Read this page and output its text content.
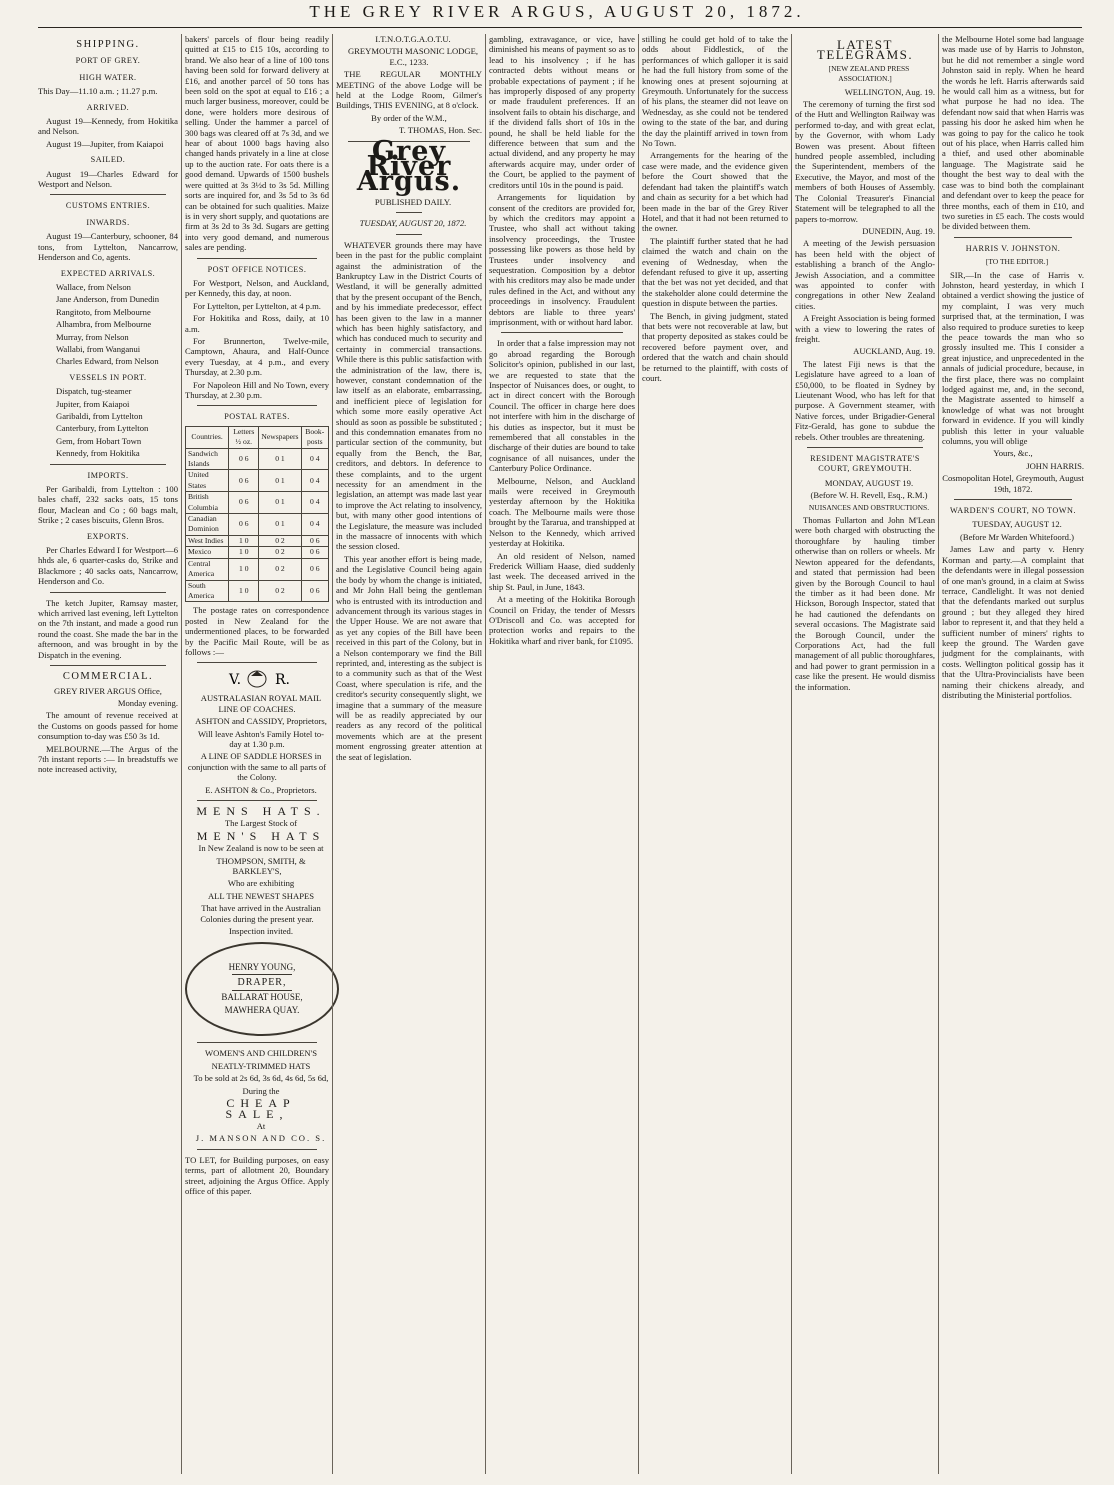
THE GREY RIVER ARGUS, AUGUST 20, 1872.
SHIPPING.
PORT OF GREY.
HIGH WATER.

This Day—11.10 a.m. ; 11.27 p.m.

ARRIVED.

August 19—Kennedy, from Hokitika and Nelson.

August 19—Jupiter, from Kaiapoi

SAILED.

August 19—Charles Edward for Westport and Nelson.

CUSTOMS ENTRIES.
INWARDS.

August 19—Canterbury, schooner, 84 tons, from Lyttelton, Nancarrow, Henderson and Co, agents.

EXPECTED ARRIVALS.

Wallace, from Nelson

Jane Anderson, from Dunedin

Rangitoto, from Melbourne

Alhambra, from Melbourne

Murray, from Nelson

Wallabi, from Wanganui

Charles Edward, from Nelson

VESSELS IN PORT.

Dispatch, tug-steamer

Jupiter, from Kaiapoi

Garibaldi, from Lyttelton

Canterbury, from Lyttelton

Gem, from Hobart Town

Kennedy, from Hokitika

IMPORTS.

Per Garibaldi, from Lyttelton : 100 bales chaff, 232 sacks oats, 15 tons flour, Maclean and Co ; 60 bags malt, Strike ; 2 cases biscuits, Glenn Bros.

EXPORTS.

Per Charles Edward I for Westport—6 hhds ale, 6 quarter-casks do, Strike and Blackmore ; 40 sacks oats, Nancarrow, Henderson and Co.

The ketch Jupiter, Ramsay master, which arrived last evening, left Lyttelton on the 7th instant, and made a good run round the coast. She made the bar in the afternoon, and was brought in by the Dispatch in the evening.

COMMERCIAL.

GREY RIVER ARGUS Office,

Monday evening.

The amount of revenue received at the Customs on goods passed for home consumption to-day was £50 3s 1d.

MELBOURNE.—The Argus of the 7th instant reports :— In breadstuffs we note increased activity,

bakers' parcels of flour being readily quitted at £15 to £15 10s, according to brand. We also hear of a line of 100 tons having been sold for forward delivery at £16, and another parcel of 50 tons has been sold on the spot at equal to £16 ; a much larger business, moreover, could be done, were holders more desirous of selling. Under the hammer a parcel of 300 bags was cleared off at 7s 3d, and we hear of about 1000 bags having also changed hands privately in a line at close up to the auction rate. For oats there is a good demand. Upwards of 1500 bushels were quitted at 3s 3½d to 3s 5d. Milling sorts are inquired for, and 3s 5d to 3s 6d can be obtained for such qualities. Maize is in very short supply, and quotations are firm at 3s 2d to 3s 3d. Sugars are getting into very good demand, and numerous sales are pending.

POST OFFICE NOTICES.

For Westport, Nelson, and Auckland, per Kennedy, this day, at noon.

For Lyttelton, per Lyttelton, at 4 p.m.

For Hokitika and Ross, daily, at 10 a.m.

For Brunnerton, Twelve-mile, Camptown, Ahaura, and Half-Ounce every Tuesday, at 4 p.m., and every Thursday, at 2.30 p.m.

For Napoleon Hill and No Town, every Thursday, at 2.30 p.m.

POSTAL RATES.
Countries.	Letters ½ oz.	Newspapers	Book-posts
Sandwich Islands	0 6	0 1	0 4
United States	0 6	0 1	0 4
British Columbia	0 6	0 1	0 4
Canadian Dominion	0 6	0 1	0 4
West Indies	1 0	0 2	0 6
Mexico	1 0	0 2	0 6
Central America	1 0	0 2	0 6
South America	1 0	0 2	0 6

The postage rates on correspondence posted in New Zealand for the undermentioned places, to be forwarded by the Pacific Mail Route, will be as follows :—

V. R.

AUSTRALASIAN ROYAL MAIL LINE OF COACHES.

ASHTON and CASSIDY, Proprietors,

Will leave Ashton's Family Hotel to-day at 1.30 p.m.

A LINE OF SADDLE HORSES in conjunction with the same to all parts of the Colony.

E. ASHTON & Co., Proprietors.

MENS HATS.

The Largest Stock of

MEN'S HATS

In New Zealand is now to be seen at

THOMPSON, SMITH, & BARKLEY'S,

Who are exhibiting

ALL THE NEWEST SHAPES

That have arrived in the Australian Colonies during the present year.

Inspection invited.

HENRY YOUNG,
DRAPER,
BALLARAT HOUSE,
MAWHERA QUAY.

WOMEN'S AND CHILDREN'S

NEATLY-TRIMMED HATS

To be sold at 2s 6d, 3s 6d, 4s 6d, 5s 6d,

During the

CHEAP SALE,

At

J. MANSON AND CO. S.

TO LET, for Building purposes, on easy terms, part of allotment 20, Boundary street, adjoining the Argus Office. Apply office of this paper.

I.T.N.O.T.G.A.O.T.U.

GREYMOUTH MASONIC LODGE, E.C., 1233.

THE REGULAR MONTHLY MEETING of the above Lodge will be held at the Lodge Room, Gilmer's Buildings, THIS EVENING, at 8 o'clock.

By order of the W.M.,

T. THOMAS, Hon. Sec.

Grey River Argus.

PUBLISHED DAILY.

TUESDAY, AUGUST 20, 1872.

WHATEVER grounds there may have been in the past for the public complaint against the administration of the Bankruptcy Law in the District Courts of Westland, it will be generally admitted that by the present occupant of the Bench, and by his immediate predecessor, effect has been given to the law in a manner which has been highly satisfactory, and which has conduced much to security and certainty in commercial transactions. While there is this public satisfaction with the administration of the law, there is, however, constant condemnation of the law itself as an elaborate, embarrassing, and inefficient piece of legislation for which some more easily operative Act should as soon as possible be substituted ; and this condemnation emanates from no particular section of the community, but equally from the Bench, the Bar, creditors, and debtors. In deference to these complaints, and to the urgent necessity for an amendment in the legislation, an attempt was made last year to improve the Act relating to insolvency, but, with many other good intentions of the Legislature, the measure was included in the massacre of innocents with which the session closed.

This year another effort is being made, and the Legislative Council being again the body by whom the change is initiated, and Mr John Hall being the gentleman who is entrusted with its introduction and advancement through its various stages in the Upper House. We are not aware that as yet any copies of the Bill have been received in this part of the Colony, but in a Nelson contemporary we find the Bill reprinted, and, interesting as the subject is to a community such as that of the West Coast, where speculation is rife, and the creditor's security consequently slight, we imagine that a summary of the measure will be as readily appreciated by our readers as any record of the political movements which are at the present moment engrossing greater attention at the seat of legislation.

gambling, extravagance, or vice, have diminished his means of payment so as to lead to his insolvency ; if he has contracted debts without means or probable expectations of payment ; if he has improperly disposed of any property or made fraudulent preferences. If an insolvent fails to obtain his discharge, and if the dividend falls short of 10s in the pound, he shall be held liable for the difference between that sum and the actual dividend, and any property he may afterwards acquire may, under order of the Court, be applied to the payment of creditors until 10s in the pound is paid.

Arrangements for liquidation by consent of the creditors are provided for, by which the creditors may appoint a Trustee, who shall act without taking insolvency proceedings, the Trustee possessing like powers as those held by Trustees under insolvency and sequestration. Composition by a debtor with his creditors may also be made under rules defined in the Act, and without any proceedings in insolvency. Fraudulent debtors are liable to three years' imprisonment, with or without hard labor.

In order that a false impression may not go abroad regarding the Borough Solicitor's opinion, published in our last, we are requested to state that the Inspector of Nuisances does, or ought, to act in direct concert with the Borough Council. The officer in charge here does not interfere with him in the discharge of his duties as inspector, but it must be remembered that all constables in the discharge of their duties are bound to take cognisance of all nuisances, under the Canterbury Police Ordinance.

Melbourne, Nelson, and Auckland mails were received in Greymouth yesterday afternoon by the Hokitika coach. The Melbourne mails were those brought by the Tararua, and transhipped at Nelson to the Kennedy, which arrived yesterday at Hokitika.

An old resident of Nelson, named Frederick William Haase, died suddenly last week. The deceased arrived in the ship St. Paul, in June, 1843.

At a meeting of the Hokitika Borough Council on Friday, the tender of Messrs O'Driscoll and Co. was accepted for protection works and repairs to the Hokitika wharf and river bank, for £1095.

stilling he could get hold of to take the odds about Fiddlestick, of the performances of which galloper it is said he had the full history from some of the knowing ones at present sojourning at Greymouth. Unfortunately for the success of his plans, the steamer did not leave on Wednesday, as she could not be tendered owing to the state of the bar, and during the day the plaintiff arrived in town from No Town.

Arrangements for the hearing of the case were made, and the evidence given before the Court showed that the defendant had taken the plaintiff's watch and chain as security for a bet which had been made in the bar of the Grey River Hotel, and that it had not been returned to the owner.

The plaintiff further stated that he had claimed the watch and chain on the evening of Wednesday, when the defendant refused to give it up, asserting that the bet was not yet decided, and that the stakeholder alone could determine the question in dispute between the parties.

The Bench, in giving judgment, stated that bets were not recoverable at law, but that property deposited as stakes could be recovered before payment over, and ordered that the watch and chain should be returned to the plaintiff, with costs of court.

LATEST TELEGRAMS.

[NEW ZEALAND PRESS ASSOCIATION.]

WELLINGTON, Aug. 19.

The ceremony of turning the first sod of the Hutt and Wellington Railway was performed to-day, and with great eclat, by the Governor, with whom Lady Bowen was present. About fifteen hundred people assembled, including the Superintendent, members of the Executive, the Mayor, and most of the members of both Houses of Assembly. The Colonial Treasurer's Financial Statement will be telegraphed to all the papers to-morrow.

DUNEDIN, Aug. 19.

A meeting of the Jewish persuasion has been held with the object of establishing a branch of the Anglo-Jewish Association, and a committee was appointed to confer with congregations in other New Zealand cities.

A Freight Association is being formed with a view to lowering the rates of freight.

AUCKLAND, Aug. 19.

The latest Fiji news is that the Legislature have agreed to a loan of £50,000, to be floated in Sydney by Lieutenant Wood, who has left for that purpose. A Government steamer, with Native forces, under Brigadier-General Fitz-Gerald, has gone to subdue the rebels. Other troubles are threatening.

RESIDENT MAGISTRATE'S COURT, GREYMOUTH.

MONDAY, AUGUST 19.

(Before W. H. Revell, Esq., R.M.)

NUISANCES AND OBSTRUCTIONS.

Thomas Fullarton and John M'Lean were both charged with obstructing the thoroughfare by hauling timber otherwise than on rollers or wheels. Mr Newton appeared for the defendants, and stated that permission had been given by the Borough Council to haul the timber as it had been done. Mr Hickson, Borough Inspector, stated that he had cautioned the defendants on several occasions. The Magistrate said the Borough Council, under the Corporations Act, had the full management of all public thoroughfares, and had power to grant permission in a case like the present. He would dismiss the information.

the Melbourne Hotel some bad language was made use of by Harris to Johnston, but he did not remember a single word Johnston said in reply. When he heard the words he left. Harris afterwards said he would call him as a witness, but for what purpose he had no idea. The defendant now said that when Harris was passing his door he asked him when he was going to pay for the calico he took out of his place, when Harris called him a thief, and used other abominable language. The Magistrate said he thought the best way to deal with the case was to bind both the complainant and defendant over to keep the peace for three months, each of them in £10, and two sureties in £5 each. The costs would be divided between them.

HARRIS V. JOHNSTON.

[TO THE EDITOR.]

SIR,—In the case of Harris v. Johnston, heard yesterday, in which I obtained a verdict showing the justice of my complaint, I was very much surprised that, at the termination, I was also required to produce sureties to keep the peace towards the man who so grossly insulted me. This I consider a great injustice, and unprecedented in the annals of judicial procedure, because, in the first place, there was no complaint lodged against me, and, in the second, the Magistrate assented to himself a knowledge of what was not brought forward in evidence. If you will kindly publish this letter in your valuable columns, you will oblige

Yours, &c.,

JOHN HARRIS.

Cosmopolitan Hotel, Greymouth, August 19th, 1872.

WARDEN'S COURT, NO TOWN.

TUESDAY, AUGUST 12.

(Before Mr Warden Whitefoord.)

James Law and party v. Henry Korman and party.—A complaint that the defendants were in illegal possession of one man's ground, in a claim at Swiss terrace, Candlelight. It was not denied that the defendants marked out surplus ground ; but they alleged they hired labor to represent it, and that they held a sufficient number of miners' rights to keep the ground. The Warden gave judgment for the complainants, with costs. Wellington political gossip has it that the Ultra-Provincialists have been naming their chickens already, and distributing the Ministerial portfolios.
